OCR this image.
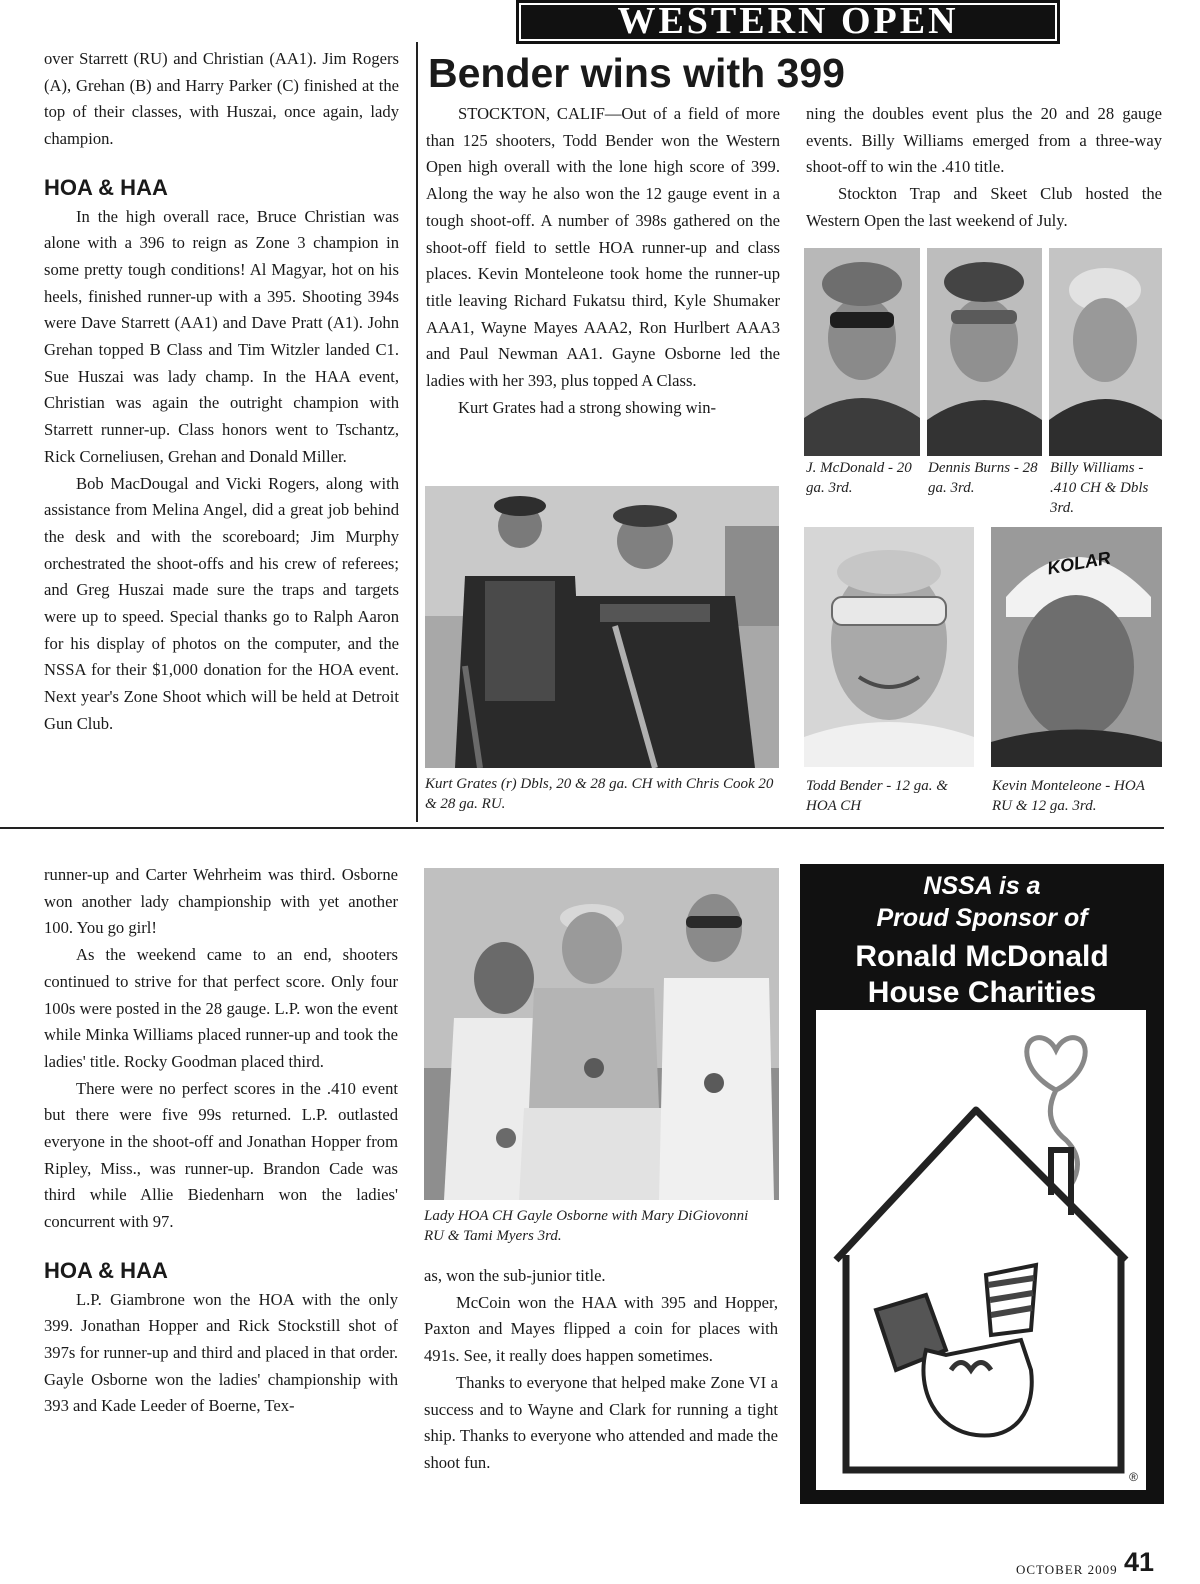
WESTERN OPEN
Bender wins with 399

over Starrett (RU) and Christian (AA1). Jim Rogers (A), Grehan (B) and Harry Parker (C) finished at the top of their classes, with Huszai, once again, lady champion.

HOA & HAA

In the high overall race, Bruce Christian was alone with a 396 to reign as Zone 3 champion in some pretty tough conditions! Al Magyar, hot on his heels, finished runner-up with a 395. Shooting 394s were Dave Starrett (AA1) and Dave Pratt (A1). John Grehan topped B Class and Tim Witzler landed C1. Sue Huszai was lady champ. In the HAA event, Christian was again the outright champion with Starrett runner-up. Class honors went to Tschantz, Rick Corneliusen, Grehan and Donald Miller.

Bob MacDougal and Vicki Rogers, along with assistance from Melina Angel, did a great job behind the desk and with the scoreboard; Jim Murphy orchestrated the shoot-offs and his crew of referees; and Greg Huszai made sure the traps and targets were up to speed. Special thanks go to Ralph Aaron for his display of photos on the computer, and the NSSA for their $1,000 donation for the HOA event. Next year's Zone Shoot which will be held at Detroit Gun Club.

STOCKTON, CALIF—Out of a field of more than 125 shooters, Todd Bender won the Western Open high overall with the lone high score of 399. Along the way he also won the 12 gauge event in a tough shoot-off. A number of 398s gathered on the shoot-off field to settle HOA runner-up and class places. Kevin Monteleone took home the runner-up title leaving Richard Fukatsu third, Kyle Shumaker AAA1, Wayne Mayes AAA2, Ron Hurlbert AAA3 and Paul Newman AA1. Gayne Osborne led the ladies with her 393, plus topped A Class.

Kurt Grates had a strong showing win-

ning the doubles event plus the 20 and 28 gauge events. Billy Williams emerged from a three-way shoot-off to win the .410 title.

Stockton Trap and Skeet Club hosted the Western Open the last weekend of July.

Kurt Grates (r) Dbls, 20 & 28 ga. CH with Chris Cook 20 & 28 ga. RU.
J. McDonald - 20 ga. 3rd.
Dennis Burns - 28 ga. 3rd.
Billy Williams - .410 CH & Dbls 3rd.
KOLAR
Todd Bender - 12 ga. & HOA CH
Kevin Monteleone - HOA RU & 12 ga. 3rd.

runner-up and Carter Wehrheim was third. Osborne won another lady championship with yet another 100. You go girl!

As the weekend came to an end, shooters continued to strive for that perfect score. Only four 100s were posted in the 28 gauge. L.P. won the event while Minka Williams placed runner-up and took the ladies' title. Rocky Goodman placed third.

There were no perfect scores in the .410 event but there were five 99s returned. L.P. outlasted everyone in the shoot-off and Jonathan Hopper from Ripley, Miss., was runner-up. Brandon Cade was third while Allie Biedenharn won the ladies' concurrent with 97.

HOA & HAA

L.P. Giambrone won the HOA with the only 399. Jonathan Hopper and Rick Stockstill shot of 397s for runner-up and third and placed in that order. Gayle Osborne won the ladies' championship with 393 and Kade Leeder of Boerne, Tex-

Lady HOA CH Gayle Osborne with Mary DiGiovonni RU & Tami Myers 3rd.

as, won the sub-junior title.

McCoin won the HAA with 395 and Hopper, Paxton and Mayes flipped a coin for places with 491s. See, it really does happen sometimes.

Thanks to everyone that helped make Zone VI a success and to Wayne and Clark for running a tight ship. Thanks to everyone who attended and made the shoot fun.

NSSA is a
Proud Sponsor of
Ronald McDonald
House Charities
®
OCTOBER 2009 41
